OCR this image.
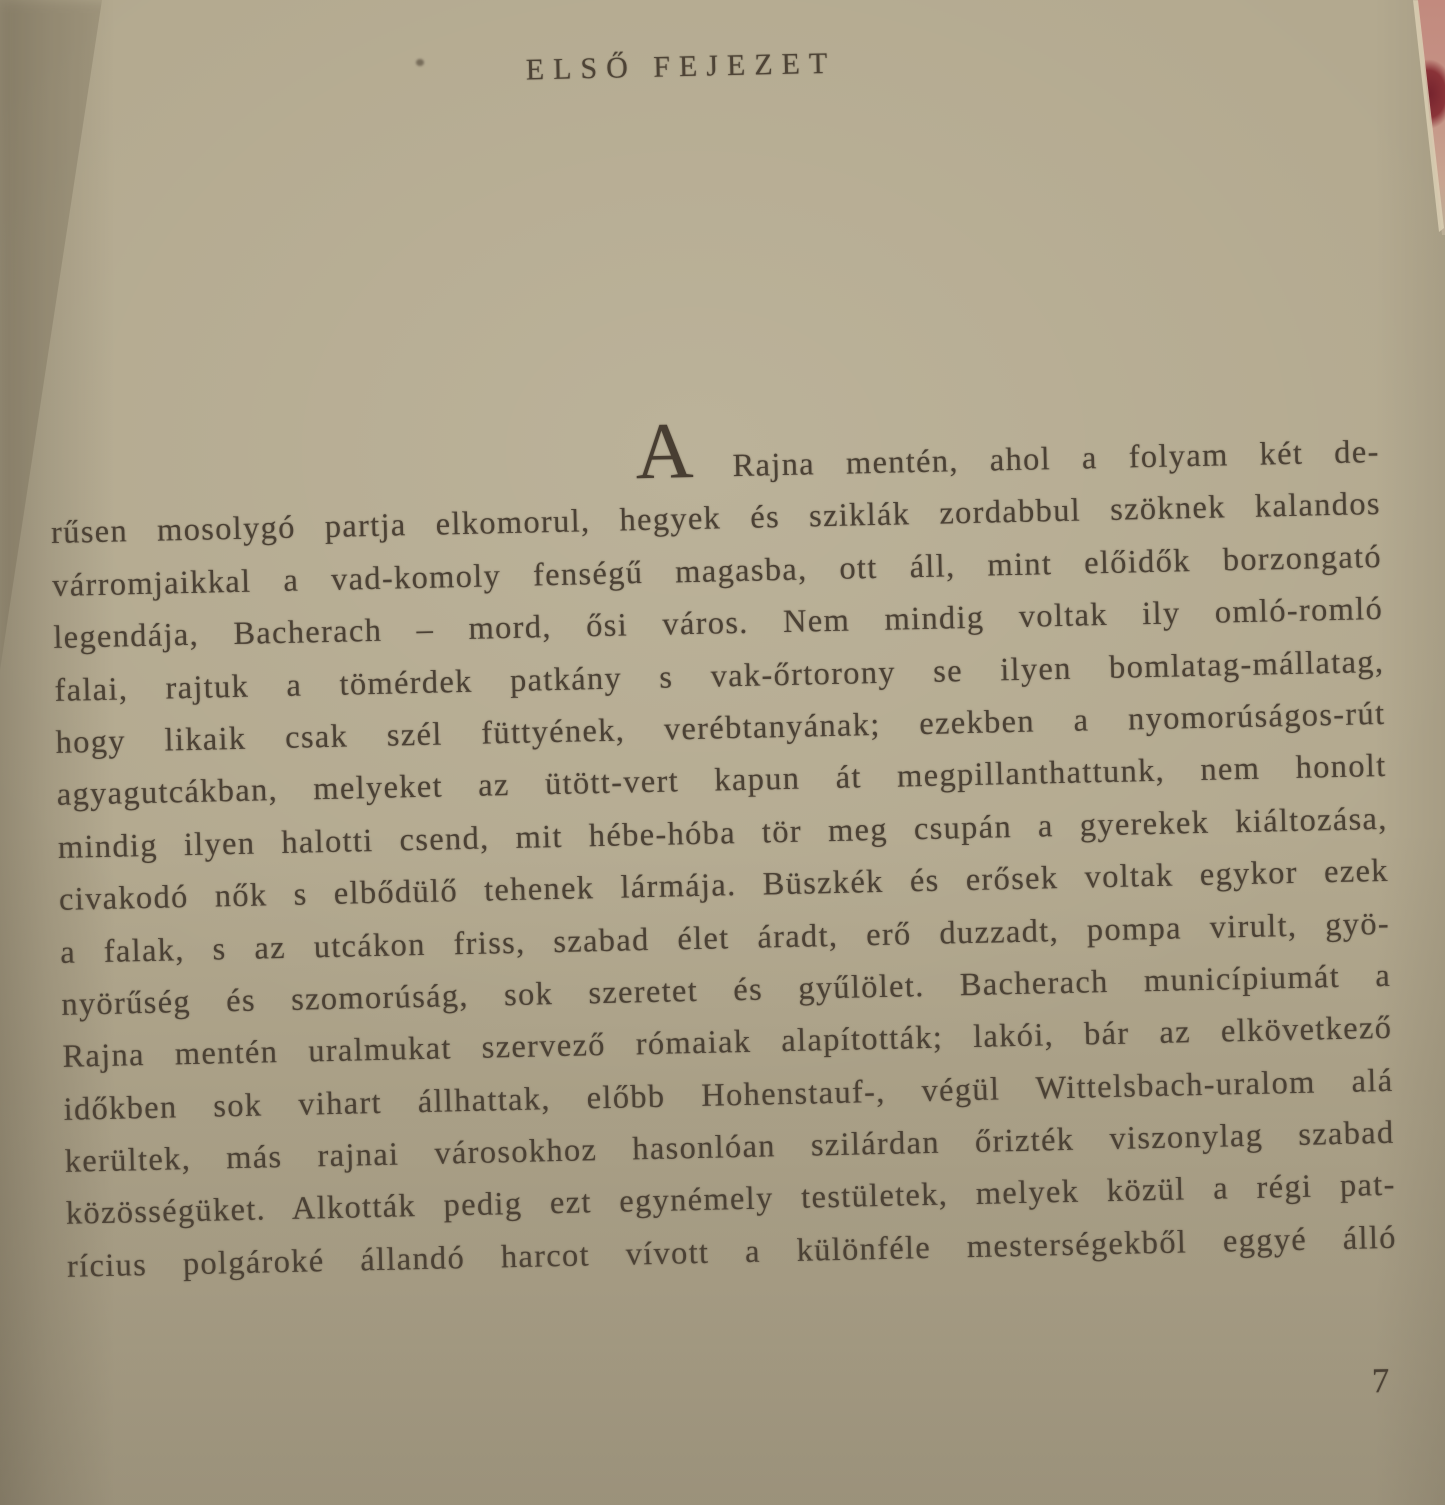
ELSŐ FEJEZET
A Rajna mentén, ahol a folyam két de-
rűsen mosolygó partja elkomorul, hegyek és sziklák zordabbul szöknek kalandos
várromjaikkal a vad-komoly fenségű magasba, ott áll, mint előidők borzongató
legendája, Bacherach – mord, ősi város. Nem mindig voltak ily omló-romló
falai, rajtuk a tömérdek patkány s vak-őrtorony se ilyen bomlatag-mállatag,
hogy likaik csak szél füttyének, verébtanyának; ezekben a nyomorúságos-rút
agyagutcákban, melyeket az ütött-vert kapun át megpillanthattunk, nem honolt
mindig ilyen halotti csend, mit hébe-hóba tör meg csupán a gyerekek kiáltozása,
civakodó nők s elbődülő tehenek lármája. Büszkék és erősek voltak egykor ezek
a falak, s az utcákon friss, szabad élet áradt, erő duzzadt, pompa virult, gyö-
nyörűség és szomorúság, sok szeretet és gyűlölet. Bacherach municípiumát a
Rajna mentén uralmukat szervező rómaiak alapították; lakói, bár az elkövetkező
időkben sok vihart állhattak, előbb Hohenstauf-, végül Wittelsbach-uralom alá
kerültek, más rajnai városokhoz hasonlóan szilárdan őrizték viszonylag szabad
közösségüket. Alkották pedig ezt egynémely testületek, melyek közül a régi pat-
rícius polgároké állandó harcot vívott a különféle mesterségekből eggyé álló
7
